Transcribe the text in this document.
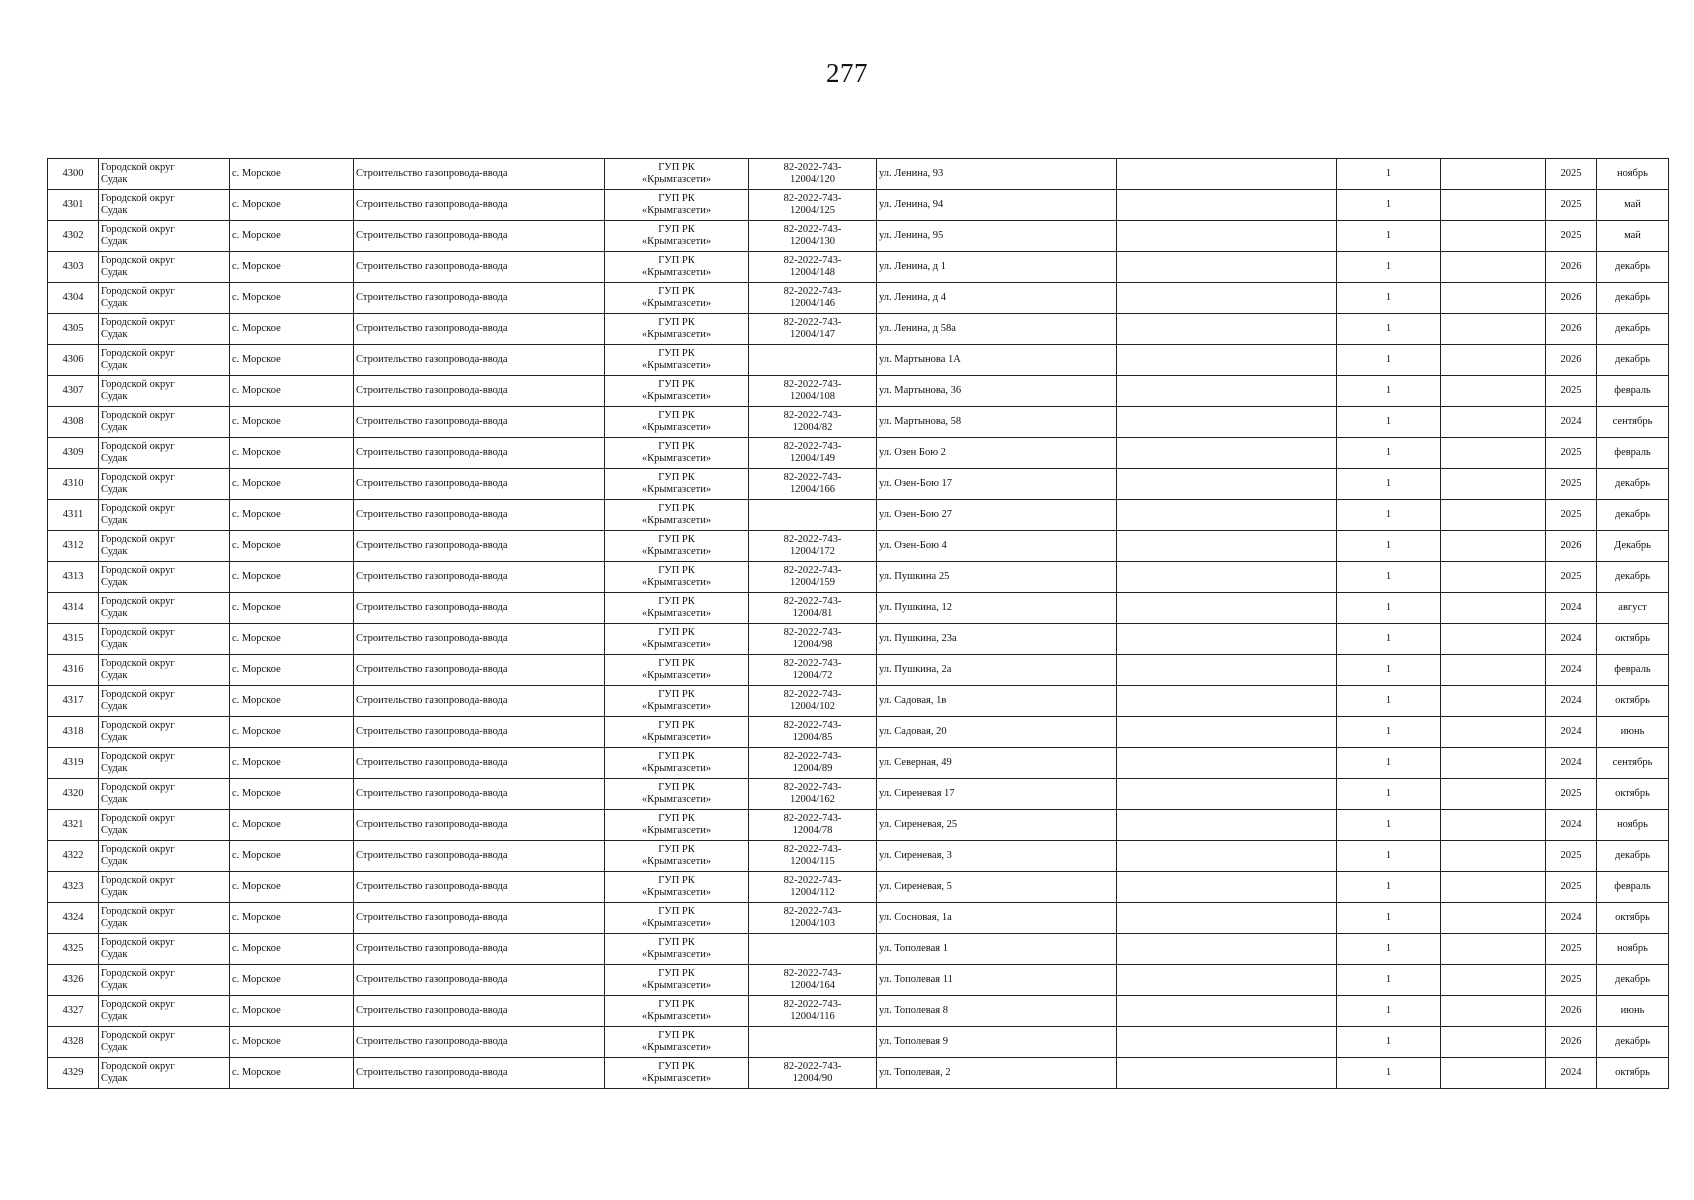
277
4300	Городской округ
Судак	с. Морское	Строительство газопровода-ввода	ГУП РК
«Крымгазсети»	82-2022-743-
12004/120	ул. Ленина, 93		1		2025	ноябрь

4301	Городской округ
Судак	с. Морское	Строительство газопровода-ввода	ГУП РК
«Крымгазсети»	82-2022-743-
12004/125	ул. Ленина, 94		1		2025	май

4302	Городской округ
Судак	с. Морское	Строительство газопровода-ввода	ГУП РК
«Крымгазсети»	82-2022-743-
12004/130	ул. Ленина, 95		1		2025	май

4303	Городской округ
Судак	с. Морское	Строительство газопровода-ввода	ГУП РК
«Крымгазсети»	82-2022-743-
12004/148	ул. Ленина, д 1		1		2026	декабрь

4304	Городской округ
Судак	с. Морское	Строительство газопровода-ввода	ГУП РК
«Крымгазсети»	82-2022-743-
12004/146	ул. Ленина, д 4		1		2026	декабрь

4305	Городской округ
Судак	с. Морское	Строительство газопровода-ввода	ГУП РК
«Крымгазсети»	82-2022-743-
12004/147	ул. Ленина, д 58а		1		2026	декабрь

4306	Городской округ
Судак	с. Морское	Строительство газопровода-ввода	ГУП РК
«Крымгазсети»		ул. Мартынова 1А		1		2026	декабрь

4307	Городской округ
Судак	с. Морское	Строительство газопровода-ввода	ГУП РК
«Крымгазсети»	82-2022-743-
12004/108	ул. Мартынова, 36		1		2025	февраль

4308	Городской округ
Судак	с. Морское	Строительство газопровода-ввода	ГУП РК
«Крымгазсети»	82-2022-743-
12004/82	ул. Мартынова, 58		1		2024	сентябрь

4309	Городской округ
Судак	с. Морское	Строительство газопровода-ввода	ГУП РК
«Крымгазсети»	82-2022-743-
12004/149	ул. Озен Бою 2		1		2025	февраль

4310	Городской округ
Судак	с. Морское	Строительство газопровода-ввода	ГУП РК
«Крымгазсети»	82-2022-743-
12004/166	ул. Озен-Бою 17		1		2025	декабрь

4311	Городской округ
Судак	с. Морское	Строительство газопровода-ввода	ГУП РК
«Крымгазсети»		ул. Озен-Бою 27		1		2025	декабрь

4312	Городской округ
Судак	с. Морское	Строительство газопровода-ввода	ГУП РК
«Крымгазсети»	82-2022-743-
12004/172	ул. Озен-Бою 4		1		2026	Декабрь

4313	Городской округ
Судак	с. Морское	Строительство газопровода-ввода	ГУП РК
«Крымгазсети»	82-2022-743-
12004/159	ул. Пушкина 25		1		2025	декабрь

4314	Городской округ
Судак	с. Морское	Строительство газопровода-ввода	ГУП РК
«Крымгазсети»	82-2022-743-
12004/81	ул. Пушкина, 12		1		2024	август

4315	Городской округ
Судак	с. Морское	Строительство газопровода-ввода	ГУП РК
«Крымгазсети»	82-2022-743-
12004/98	ул. Пушкина, 23а		1		2024	октябрь

4316	Городской округ
Судак	с. Морское	Строительство газопровода-ввода	ГУП РК
«Крымгазсети»	82-2022-743-
12004/72	ул. Пушкина, 2а		1		2024	февраль

4317	Городской округ
Судак	с. Морское	Строительство газопровода-ввода	ГУП РК
«Крымгазсети»	82-2022-743-
12004/102	ул. Садовая, 1в		1		2024	октябрь

4318	Городской округ
Судак	с. Морское	Строительство газопровода-ввода	ГУП РК
«Крымгазсети»	82-2022-743-
12004/85	ул. Садовая, 20		1		2024	июнь

4319	Городской округ
Судак	с. Морское	Строительство газопровода-ввода	ГУП РК
«Крымгазсети»	82-2022-743-
12004/89	ул. Северная, 49		1		2024	сентябрь

4320	Городской округ
Судак	с. Морское	Строительство газопровода-ввода	ГУП РК
«Крымгазсети»	82-2022-743-
12004/162	ул. Сиреневая 17		1		2025	октябрь

4321	Городской округ
Судак	с. Морское	Строительство газопровода-ввода	ГУП РК
«Крымгазсети»	82-2022-743-
12004/78	ул. Сиреневая, 25		1		2024	ноябрь

4322	Городской округ
Судак	с. Морское	Строительство газопровода-ввода	ГУП РК
«Крымгазсети»	82-2022-743-
12004/115	ул. Сиреневая, 3		1		2025	декабрь

4323	Городской округ
Судак	с. Морское	Строительство газопровода-ввода	ГУП РК
«Крымгазсети»	82-2022-743-
12004/112	ул. Сиреневая, 5		1		2025	февраль

4324	Городской округ
Судак	с. Морское	Строительство газопровода-ввода	ГУП РК
«Крымгазсети»	82-2022-743-
12004/103	ул. Сосновая, 1а		1		2024	октябрь

4325	Городской округ
Судак	с. Морское	Строительство газопровода-ввода	ГУП РК
«Крымгазсети»		ул. Тополевая 1		1		2025	ноябрь

4326	Городской округ
Судак	с. Морское	Строительство газопровода-ввода	ГУП РК
«Крымгазсети»	82-2022-743-
12004/164	ул. Тополевая 11		1		2025	декабрь

4327	Городской округ
Судак	с. Морское	Строительство газопровода-ввода	ГУП РК
«Крымгазсети»	82-2022-743-
12004/116	ул. Тополевая 8		1		2026	июнь

4328	Городской округ
Судак	с. Морское	Строительство газопровода-ввода	ГУП РК
«Крымгазсети»		ул. Тополевая 9		1		2026	декабрь

4329	Городской округ
Судак	с. Морское	Строительство газопровода-ввода	ГУП РК
«Крымгазсети»	82-2022-743-
12004/90	ул. Тополевая, 2		1		2024	октябрь
